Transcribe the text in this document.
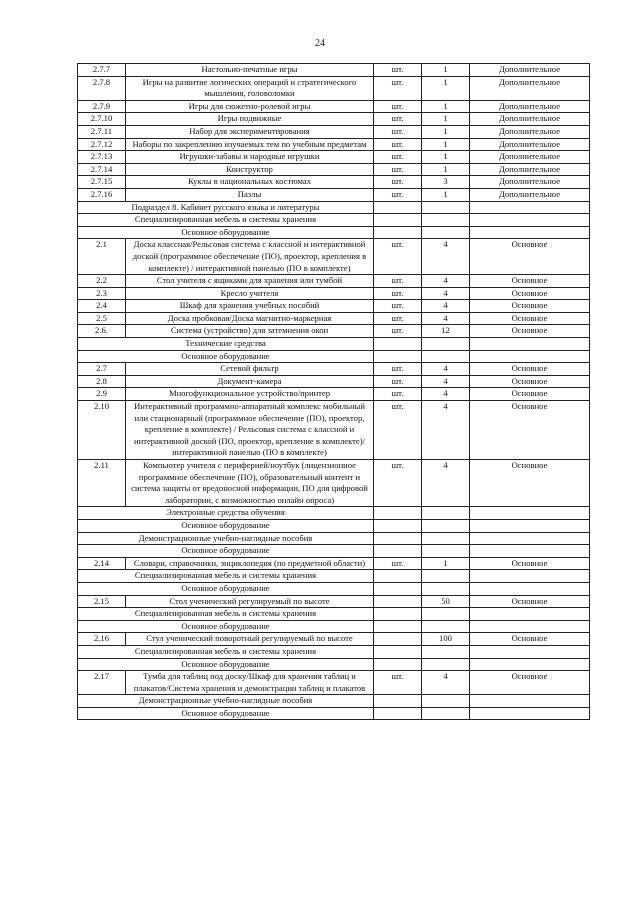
24
2.7.7	Настольно-печатные игры	шт.	1	Дополнительное
2.7.8	Игры на развитие логических операций и стратегического мышления, головоломки	шт.	1	Дополнительное
2.7.9	Игры для сюжетно-ролевой игры	шт.	1	Дополнительное
2.7.10	Игры подвижные	шт.	1	Дополнительное
2.7.11	Набор для экспериментирования	шт.	1	Дополнительное
2.7.12	Наборы по закреплению изучаемых тем по учебным предметам	шт.	1	Дополнительное
2.7.13	Игрушки-забавы и народные игрушки	шт.	1	Дополнительное
2.7.14	Конструктор	шт.	1	Дополнительное
2.7.15	Куклы в национальных костюмах	шт.	3	Дополнительное
2.7.16	Пазлы	шт.	1	Дополнительное
Подраздел 8. Кабинет русского языка и литературы				
Специализированная мебель и системы хранения				
Основное оборудование				
2.1	Доска классная/Рельсовая система с классной и интерактивной доской (программное обеспечение (ПО), проектор, крепления в комплекте) / интерактивной панелью (ПО в комплекте)	шт.	4	Основное
2.2	Стол учителя с ящиками для хранения или тумбой	шт.	4	Основное
2.3	Кресло учителя	шт.	4	Основное
2.4	Шкаф для хранения учебных пособий	шт.	4	Основное
2.5	Доска пробковая/Доска магнитно-маркерная	шт.	4	Основное
2.6.	Система (устройство) для затемнения окон	шт.	12	Основное
Технические средства				
Основное оборудование				
2.7	Сетевой фильтр	шт.	4	Основное
2.8	Документ-камера	шт.	4	Основное
2.9	Многофункциональное устройство/принтер	шт.	4	Основное
2.10	Интерактивный программно-аппаратный комплекс мобильный или стационарный (программное обеспечение (ПО), проектор, крепление в комплекте) / Рельсовая система с классной и интерактивной доской (ПО, проектор, крепление в комплекте)/ интерактивной панелью (ПО в комплекте)	шт.	4	Основное
2.11	Компьютер учителя с периферией/ноутбук (лицензионное программное обеспечение (ПО), образовательный контент и система защиты от вредоносной информации, ПО для цифровой лаборатории, с возможностью онлайн опроса)	шт.	4	Основное
Электронные средства обучения				
Основное оборудование				
Демонстрационные учебно-наглядные пособия				
Основное оборудование				
2.14	Словари, справочники, энциклопедия (по предметной области)	шт.	1	Основное
Специализированная мебель и системы хранения				
Основное оборудование				
2.15	Стол ученический регулируемый по высоте		50	Основное
Специализированная мебель и системы хранения				
Основное оборудование				
2.16	Стул ученический поворотный регулируемый по высоте		100	Основное
Специализированная мебель и системы хранения				
Основное оборудование				
2.17	Тумба для таблиц под доску/Шкаф для хранения таблиц и плакатов/Система хранения и демонстрации таблиц и плакатов	шт.	4	Основное
Демонстрационные учебно-наглядные пособия				
Основное оборудование				
